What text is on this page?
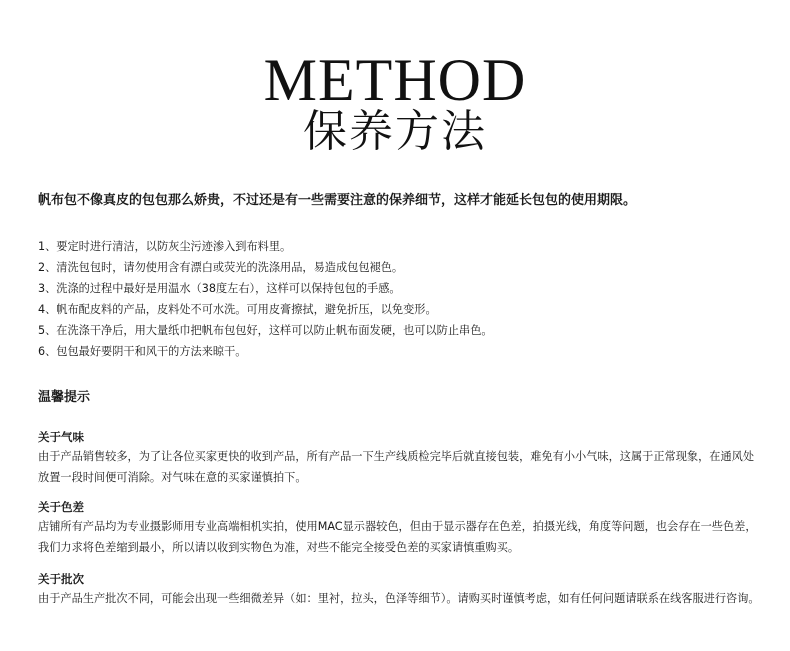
METHOD
保养方法
帆布包不像真皮的包包那么娇贵，不过还是有一些需要注意的保养细节，这样才能延长包包的使用期限。
1、要定时进行清洁，以防灰尘污迹渗入到布料里。
2、清洗包包时，请勿使用含有漂白或荧光的洗涤用品，易造成包包褪色。
3、洗涤的过程中最好是用温水（38度左右），这样可以保持包包的手感。
4、帆布配皮料的产品，皮料处不可水洗。可用皮膏擦拭，避免折压，以免变形。
5、在洗涤干净后，用大量纸巾把帆布包包好，这样可以防止帆布面发硬，也可以防止串色。
6、包包最好要阴干和风干的方法来晾干。
温馨提示
关于气味

由于产品销售较多，为了让各位买家更快的收到产品，所有产品一下生产线质检完毕后就直接包装，难免有小小气味，这属于正常现象，在通风处放置一段时间便可消除。对气味在意的买家谨慎拍下。

关于色差

店铺所有产品均为专业摄影师用专业高端相机实拍，使用MAC显示器较色，但由于显示器存在色差，拍摄光线，角度等问题，也会存在一些色差，我们力求将色差缩到最小，所以请以收到实物色为准，对些不能完全接受色差的买家请慎重购买。

关于批次

由于产品生产批次不同，可能会出现一些细微差异（如：里衬，拉头，色泽等细节）。请购买时谨慎考虑，如有任何问题请联系在线客服进行咨询。
